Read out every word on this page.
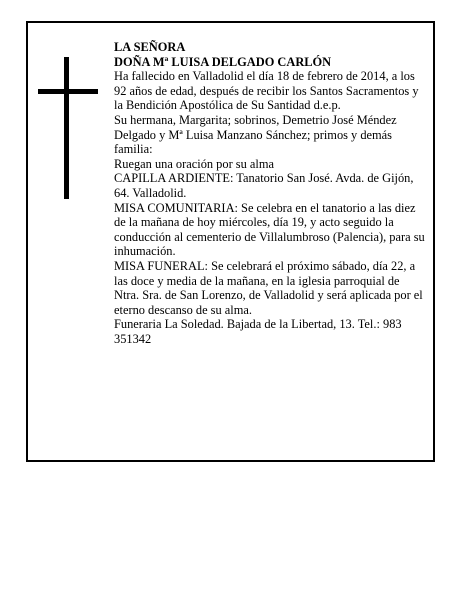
LA SEÑORA

DOÑA Mª LUISA DELGADO CARLÓN

Ha fallecido en Valladolid el día 18 de febrero de 2014, a los 92 años de edad, después de recibir los Santos Sacramentos y la Bendición Apostólica de Su Santidad d.e.p.

Su hermana, Margarita; sobrinos, Demetrio José Méndez Delgado y Mª Luisa Manzano Sánchez; primos y demás familia:

Ruegan una oración por su alma

CAPILLA ARDIENTE: Tanatorio San José. Avda. de Gijón, 64. Valladolid.

MISA COMUNITARIA: Se celebra en el tanatorio a las diez de la mañana de hoy miércoles, día 19, y acto seguido la conducción al cementerio de Villalumbroso (Palencia), para su inhumación.

MISA FUNERAL: Se celebrará el próximo sábado, día 22, a las doce y media de la mañana, en la iglesia parroquial de Ntra. Sra. de San Lorenzo, de Valladolid y será aplicada por el eterno descanso de su alma.

Funeraria La Soledad. Bajada de la Libertad, 13. Tel.: 983 351342
